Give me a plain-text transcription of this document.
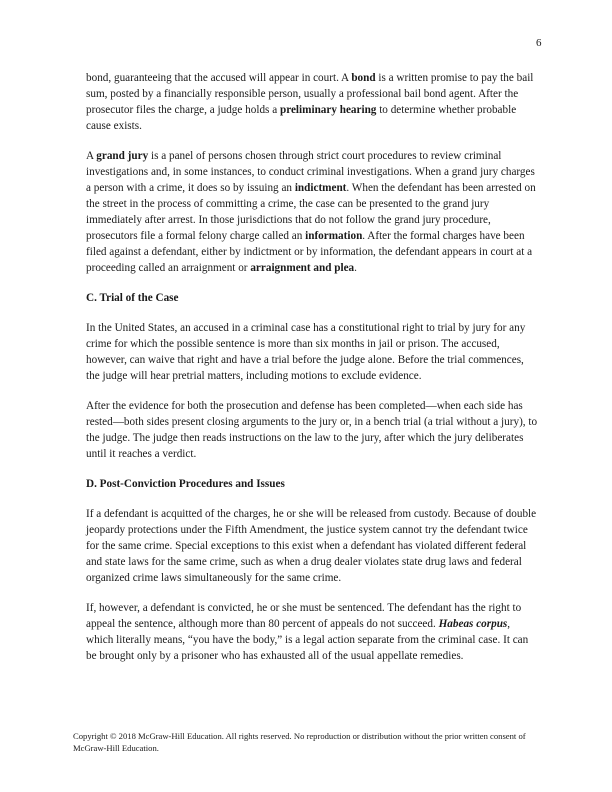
6

bond, guaranteeing that the accused will appear in court. A bond is a written promise to pay the bail sum, posted by a financially responsible person, usually a professional bail bond agent. After the prosecutor files the charge, a judge holds a preliminary hearing to determine whether probable cause exists.

A grand jury is a panel of persons chosen through strict court procedures to review criminal investigations and, in some instances, to conduct criminal investigations. When a grand jury charges a person with a crime, it does so by issuing an indictment. When the defendant has been arrested on the street in the process of committing a crime, the case can be presented to the grand jury immediately after arrest. In those jurisdictions that do not follow the grand jury procedure, prosecutors file a formal felony charge called an information. After the formal charges have been filed against a defendant, either by indictment or by information, the defendant appears in court at a proceeding called an arraignment or arraignment and plea.

C. Trial of the Case

In the United States, an accused in a criminal case has a constitutional right to trial by jury for any crime for which the possible sentence is more than six months in jail or prison. The accused, however, can waive that right and have a trial before the judge alone. Before the trial commences, the judge will hear pretrial matters, including motions to exclude evidence.

After the evidence for both the prosecution and defense has been completed—when each side has rested—both sides present closing arguments to the jury or, in a bench trial (a trial without a jury), to the judge. The judge then reads instructions on the law to the jury, after which the jury deliberates until it reaches a verdict.

D. Post-Conviction Procedures and Issues

If a defendant is acquitted of the charges, he or she will be released from custody. Because of double jeopardy protections under the Fifth Amendment, the justice system cannot try the defendant twice for the same crime. Special exceptions to this exist when a defendant has violated different federal and state laws for the same crime, such as when a drug dealer violates state drug laws and federal organized crime laws simultaneously for the same crime.

If, however, a defendant is convicted, he or she must be sentenced. The defendant has the right to appeal the sentence, although more than 80 percent of appeals do not succeed. Habeas corpus, which literally means, “you have the body,” is a legal action separate from the criminal case. It can be brought only by a prisoner who has exhausted all of the usual appellate remedies.

Copyright © 2018 McGraw-Hill Education. All rights reserved. No reproduction or distribution without the prior written consent of McGraw-Hill Education.
